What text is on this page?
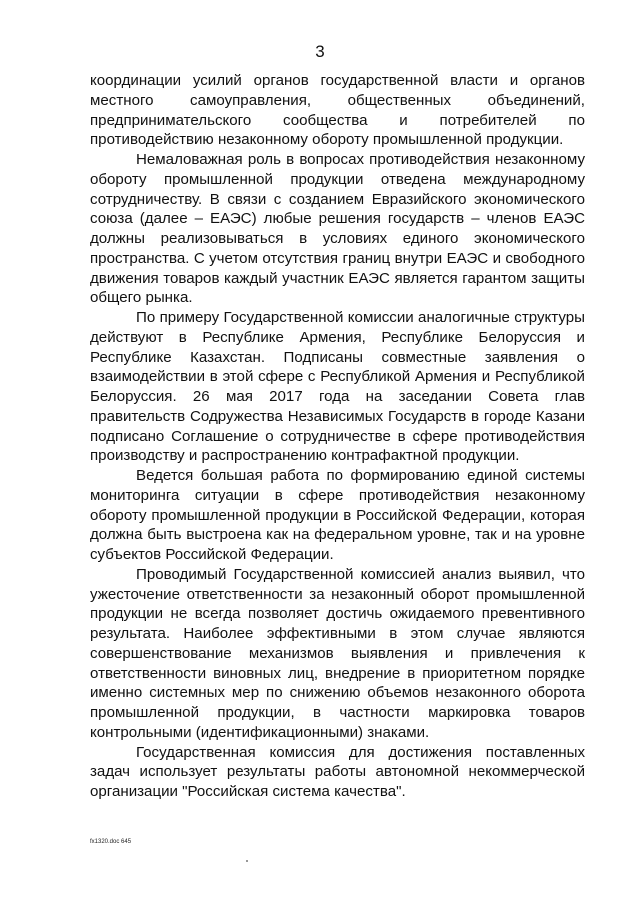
3

координации усилий органов государственной власти и органов местного самоуправления, общественных объединений, предпринимательского сообщества и потребителей по противодействию незаконному обороту промышленной продукции.

Немаловажная роль в вопросах противодействия незаконному обороту промышленной продукции отведена международному сотрудничеству. В связи с созданием Евразийского экономического союза (далее – ЕАЭС) любые решения государств – членов ЕАЭС должны реализовываться в условиях единого экономического пространства. С учетом отсутствия границ внутри ЕАЭС и свободного движения товаров каждый участник ЕАЭС является гарантом защиты общего рынка.

По примеру Государственной комиссии аналогичные структуры действуют в Республике Армения, Республике Белоруссия и Республике Казахстан. Подписаны совместные заявления о взаимодействии в этой сфере с Республикой Армения и Республикой Белоруссия. 26 мая 2017 года на заседании Совета глав правительств Содружества Независимых Государств в городе Казани подписано Соглашение о сотрудничестве в сфере противодействия производству и распространению контрафактной продукции.

Ведется большая работа по формированию единой системы мониторинга ситуации в сфере противодействия незаконному обороту промышленной продукции в Российской Федерации, которая должна быть выстроена как на федеральном уровне, так и на уровне субъектов Российской Федерации.

Проводимый Государственной комиссией анализ выявил, что ужесточение ответственности за незаконный оборот промышленной продукции не всегда позволяет достичь ожидаемого превентивного результата. Наиболее эффективными в этом случае являются совершенствование механизмов выявления и привлечения к ответственности виновных лиц, внедрение в приоритетном порядке именно системных мер по снижению объемов незаконного оборота промышленной продукции, в частности маркировка товаров контрольными (идентификационными) знаками.

Государственная комиссия для достижения поставленных задач использует результаты работы автономной некоммерческой организации "Российская система качества".

fx1320.doc 645
